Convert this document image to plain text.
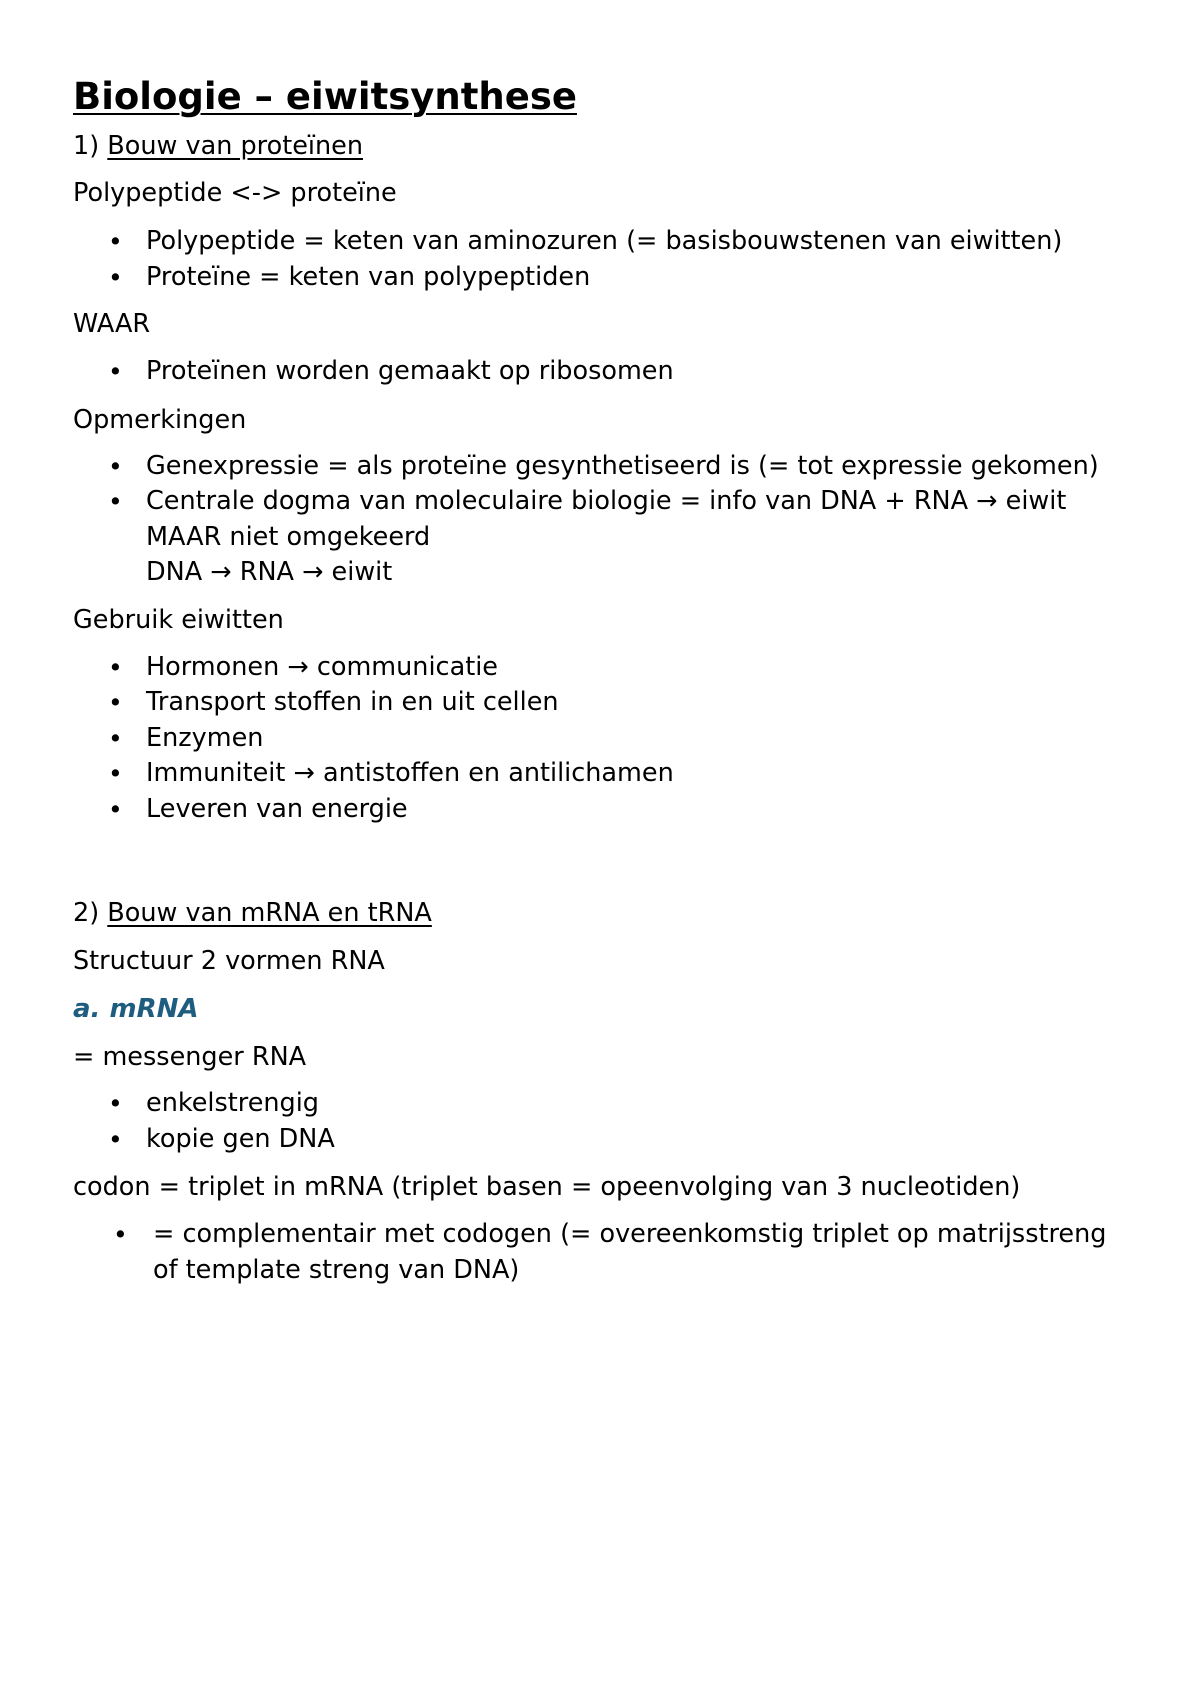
Biologie – eiwitsynthese

1) Bouw van proteïnen

Polypeptide <-> proteïne

• Polypeptide = keten van aminozuren (= basisbouwstenen van eiwitten)
• Proteïne = keten van polypeptiden

WAAR

• Proteïnen worden gemaakt op ribosomen

Opmerkingen

• Genexpressie = als proteïne gesynthetiseerd is (= tot expressie gekomen)
• Centrale dogma van moleculaire biologie = info van DNA + RNA → eiwit MAAR niet omgekeerd
DNA → RNA → eiwit

Gebruik eiwitten

• Hormonen → communicatie
• Transport stoffen in en uit cellen
• Enzymen
• Immuniteit → antistoffen en antilichamen
• Leveren van energie

2) Bouw van mRNA en tRNA

Structuur 2 vormen RNA

a. mRNA

= messenger RNA

• enkelstrengig
• kopie gen DNA

codon = triplet in mRNA (triplet basen = opeenvolging van 3 nucleotiden)

• = complementair met codogen (= overeenkomstig triplet op matrijsstreng of template streng van DNA)
